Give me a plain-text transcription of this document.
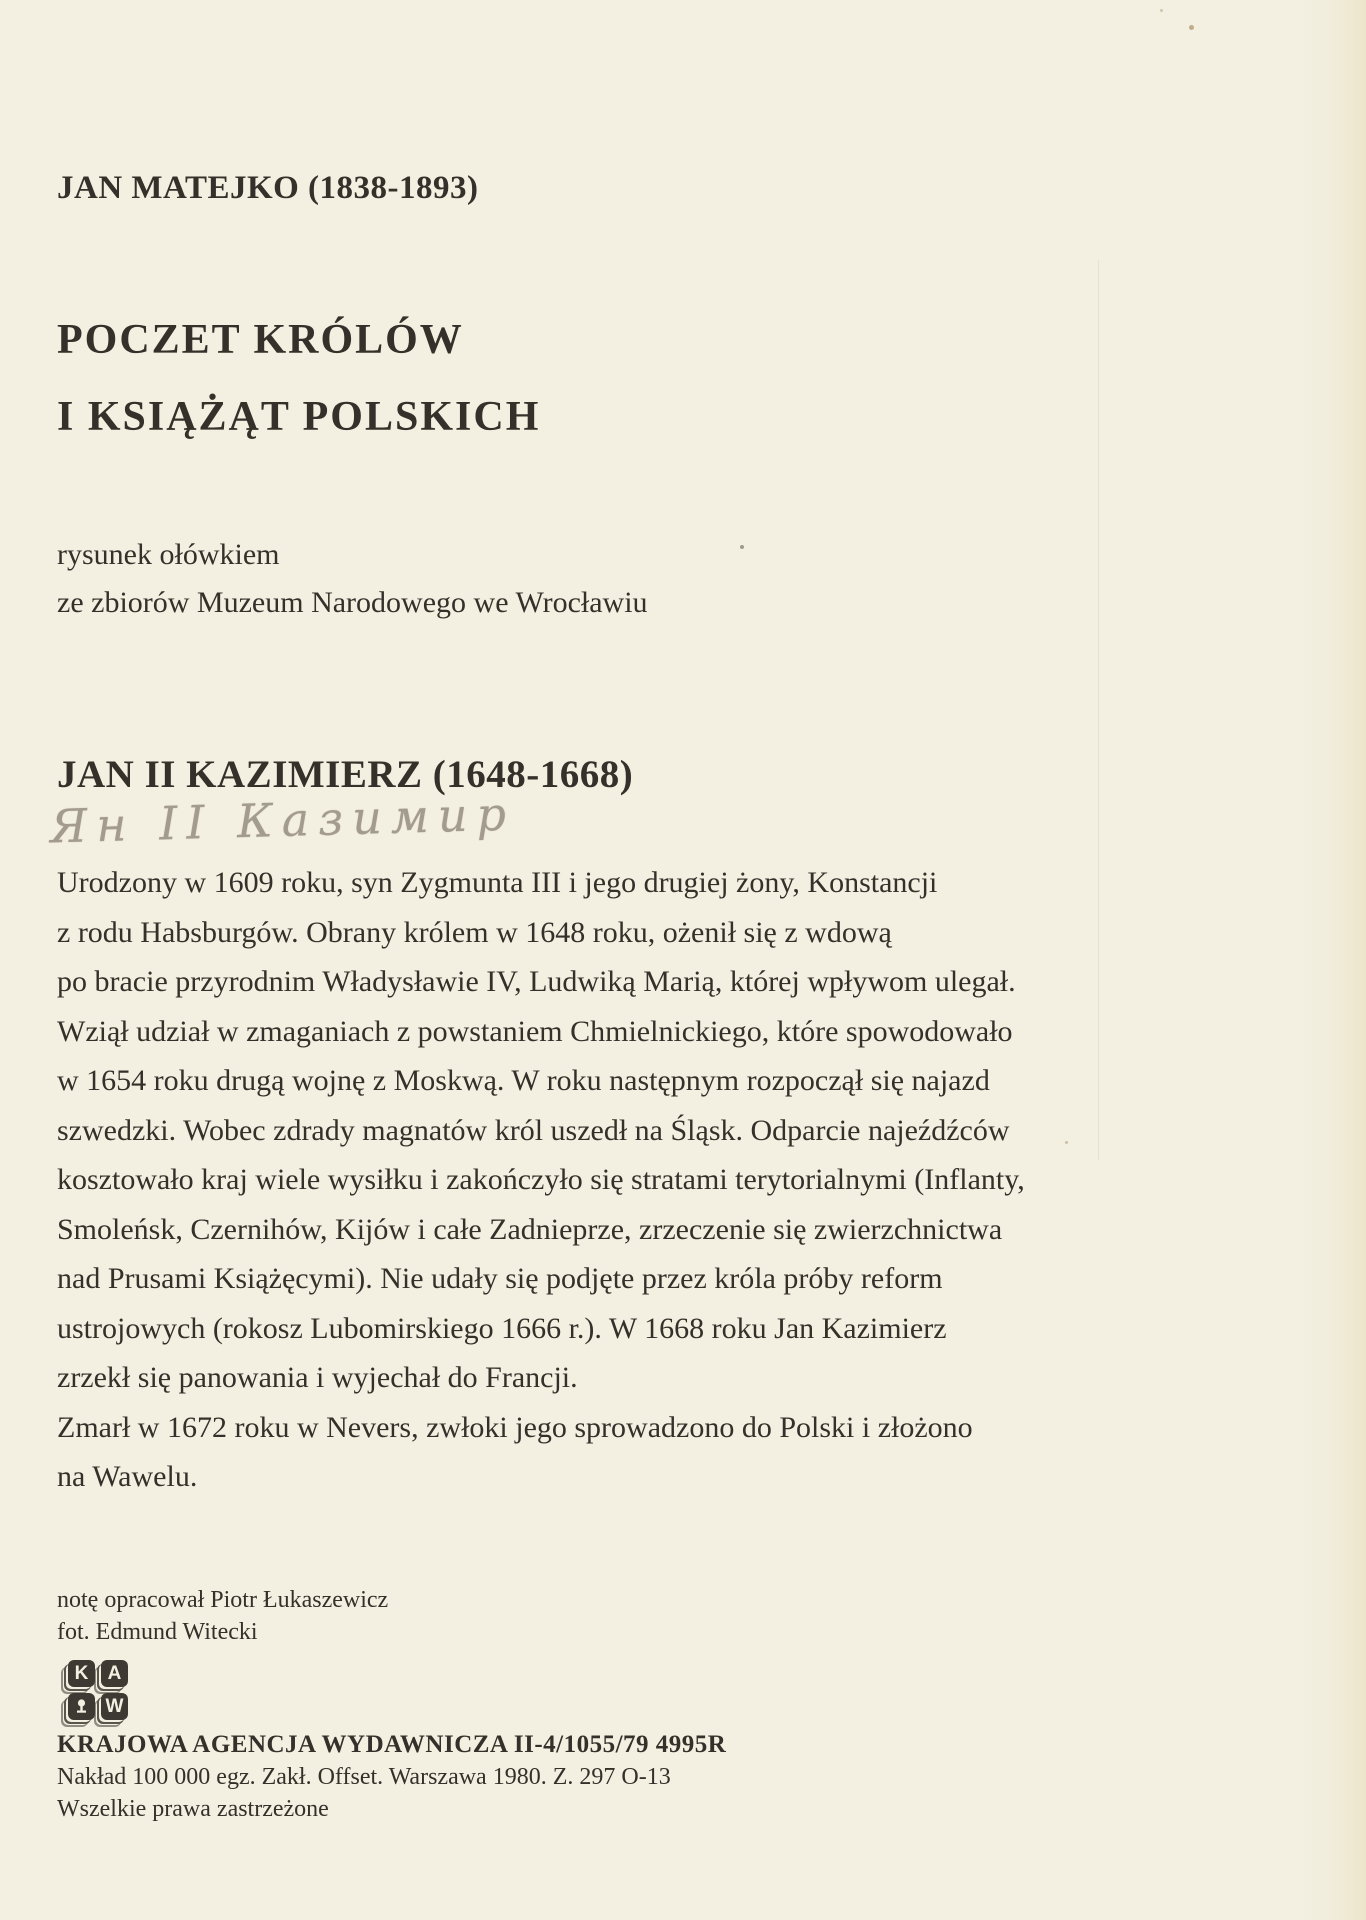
JAN MATEJKO (1838-1893)
POCZET KRÓLÓW
I KSIĄŻĄT POLSKICH
rysunek ołówkiem
ze zbiorów Muzeum Narodowego we Wrocławiu
JAN II KAZIMIERZ (1648-1668)
Ян II Казимир
Urodzony w 1609 roku, syn Zygmunta III i jego drugiej żony, Konstancji
z rodu Habsburgów. Obrany królem w 1648 roku, ożenił się z wdową
po bracie przyrodnim Władysławie IV, Ludwiką Marią, której wpływom ulegał.
Wziął udział w zmaganiach z powstaniem Chmielnickiego, które spowodowało
w 1654 roku drugą wojnę z Moskwą. W roku następnym rozpoczął się najazd
szwedzki. Wobec zdrady magnatów król uszedł na Śląsk. Odparcie najeźdźców
kosztowało kraj wiele wysiłku i zakończyło się stratami terytorialnymi (Inflanty,
Smoleńsk, Czernihów, Kijów i całe Zadnieprze, zrzeczenie się zwierzchnictwa
nad Prusami Książęcymi). Nie udały się podjęte przez króla próby reform
ustrojowych (rokosz Lubomirskiego 1666 r.). W 1668 roku Jan Kazimierz
zrzekł się panowania i wyjechał do Francji.
Zmarł w 1672 roku w Nevers, zwłoki jego sprowadzono do Polski i złożono
na Wawelu.
notę opracował Piotr Łukaszewicz
fot. Edmund Witecki
K	A
W
KRAJOWA AGENCJA WYDAWNICZA II-4/1055/79 4995R
Nakład 100 000 egz. Zakł. Offset. Warszawa 1980. Z. 297 O-13
Wszelkie prawa zastrzeżone
